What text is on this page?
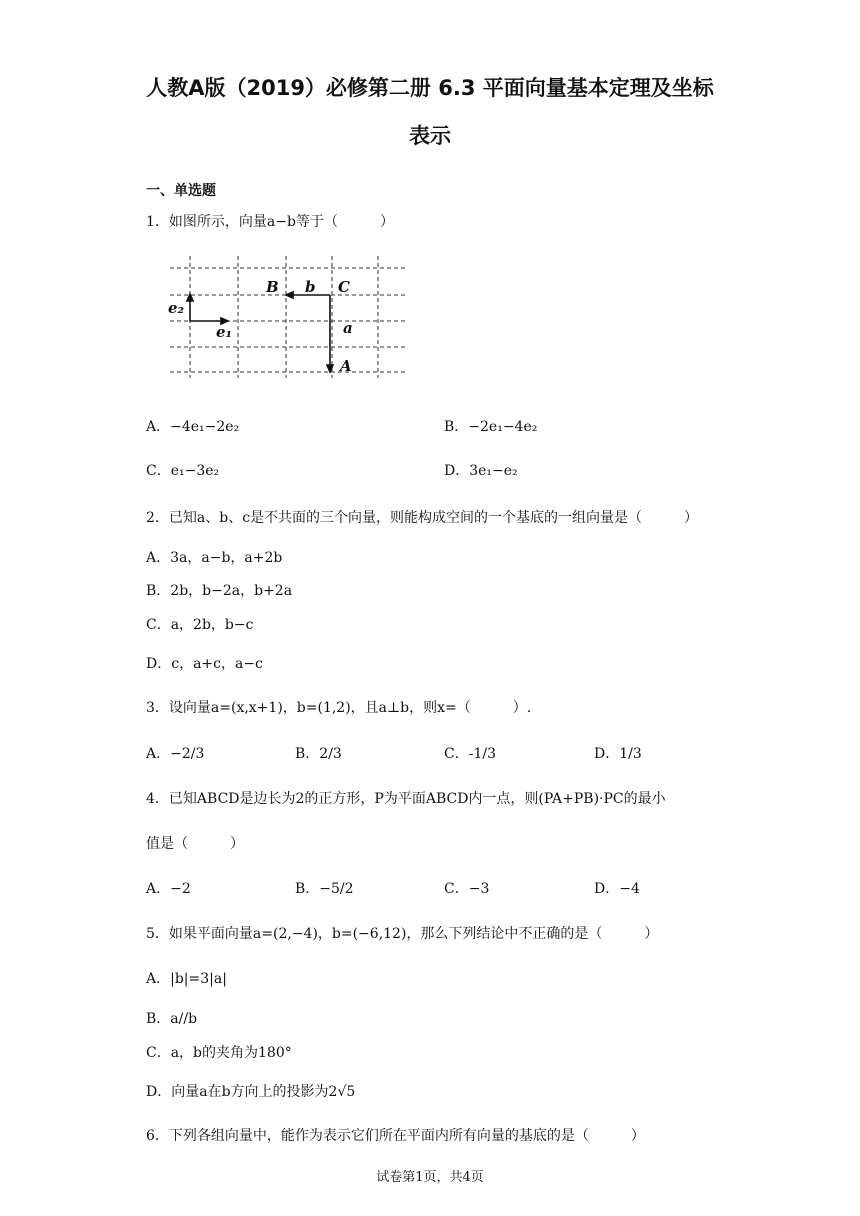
人教A版（2019）必修第二册 6.3 平面向量基本定理及坐标
表示
一、单选题
1．如图所示，向量a−b等于（　　　）
B b C
e₂
e₁	a
A
A．−4e₁−2e₂	B．−2e₁−4e₂
C．e₁−3e₂	D．3e₁−e₂
2．已知a、b、c是不共面的三个向量，则能构成空间的一个基底的一组向量是（　　　）
A．3a，a−b，a+2b
B．2b，b−2a，b+2a
C．a，2b，b−c
D．c，a+c，a−c
3．设向量a=(x,x+1)，b=(1,2)，且a⊥b，则x=（　　　）.
A．−2/3	B．2/3	C．-1/3	D．1/3
4．已知ABCD是边长为2的正方形，P为平面ABCD内一点，则(PA+PB)·PC的最小
值是（　　　）
A．−2	B．−5/2	C．−3	D．−4
5．如果平面向量a=(2,−4)，b=(−6,12)，那么下列结论中不正确的是（　　　）
A．|b|=3|a|
B．a//b
C．a，b的夹角为180°
D．向量a在b方向上的投影为2√5
6．下列各组向量中，能作为表示它们所在平面内所有向量的基底的是（　　　）
试卷第1页，共4页
